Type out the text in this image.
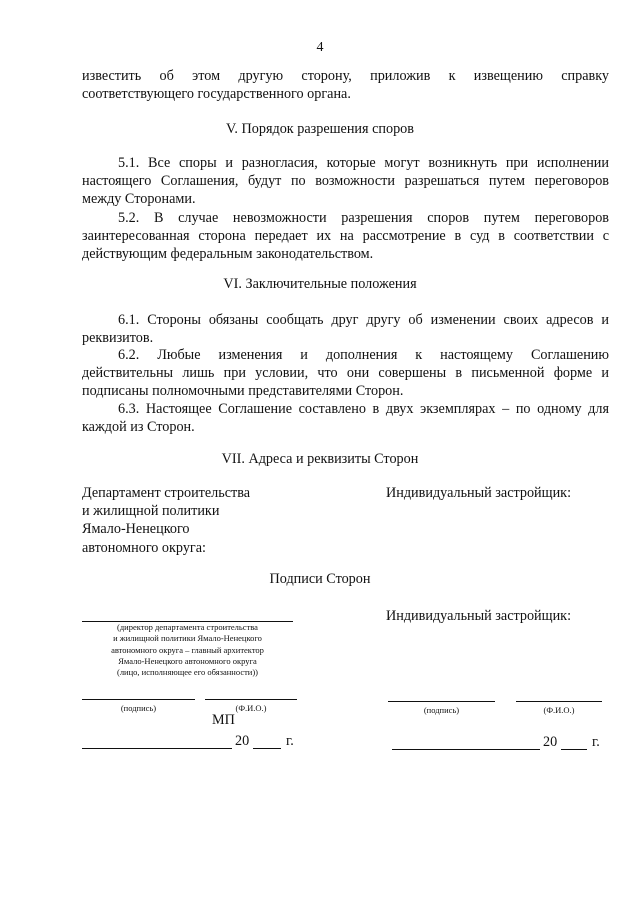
4
известить об этом другую сторону, приложив к извещению справку
соответствующего государственного органа.
V. Порядок разрешения споров
5.1. Все споры и разногласия, которые могут возникнуть при исполнении
настоящего Соглашения, будут по возможности разрешаться путем переговоров
между Сторонами.
5.2. В случае невозможности разрешения споров путем переговоров
заинтересованная сторона передает их на рассмотрение в суд в соответствии с
действующим федеральным законодательством.
VI. Заключительные положения
6.1. Стороны обязаны сообщать друг другу об изменении своих адресов и
реквизитов.
6.2. Любые изменения и дополнения к настоящему Соглашению
действительны лишь при условии, что они совершены в письменной форме и
подписаны полномочными представителями Сторон.
6.3. Настоящее Соглашение составлено в двух экземплярах – по одному для
каждой из Сторон.
VII. Адреса и реквизиты Сторон
Департамент строительства
и жилищной политики
Ямало-Ненецкого
автономного округа:
Индивидуальный застройщик:
Подписи Сторон
Индивидуальный застройщик:
(директор департамента строительства
и жилищной политики Ямало-Ненецкого
автономного округа – главный архитектор
Ямало-Ненецкого автономного округа
(лицо, исполняющее его обязанности))
(подпись)	(Ф.И.О.)
МП
20	г.
(подпись)	(Ф.И.О.)
20 г.
